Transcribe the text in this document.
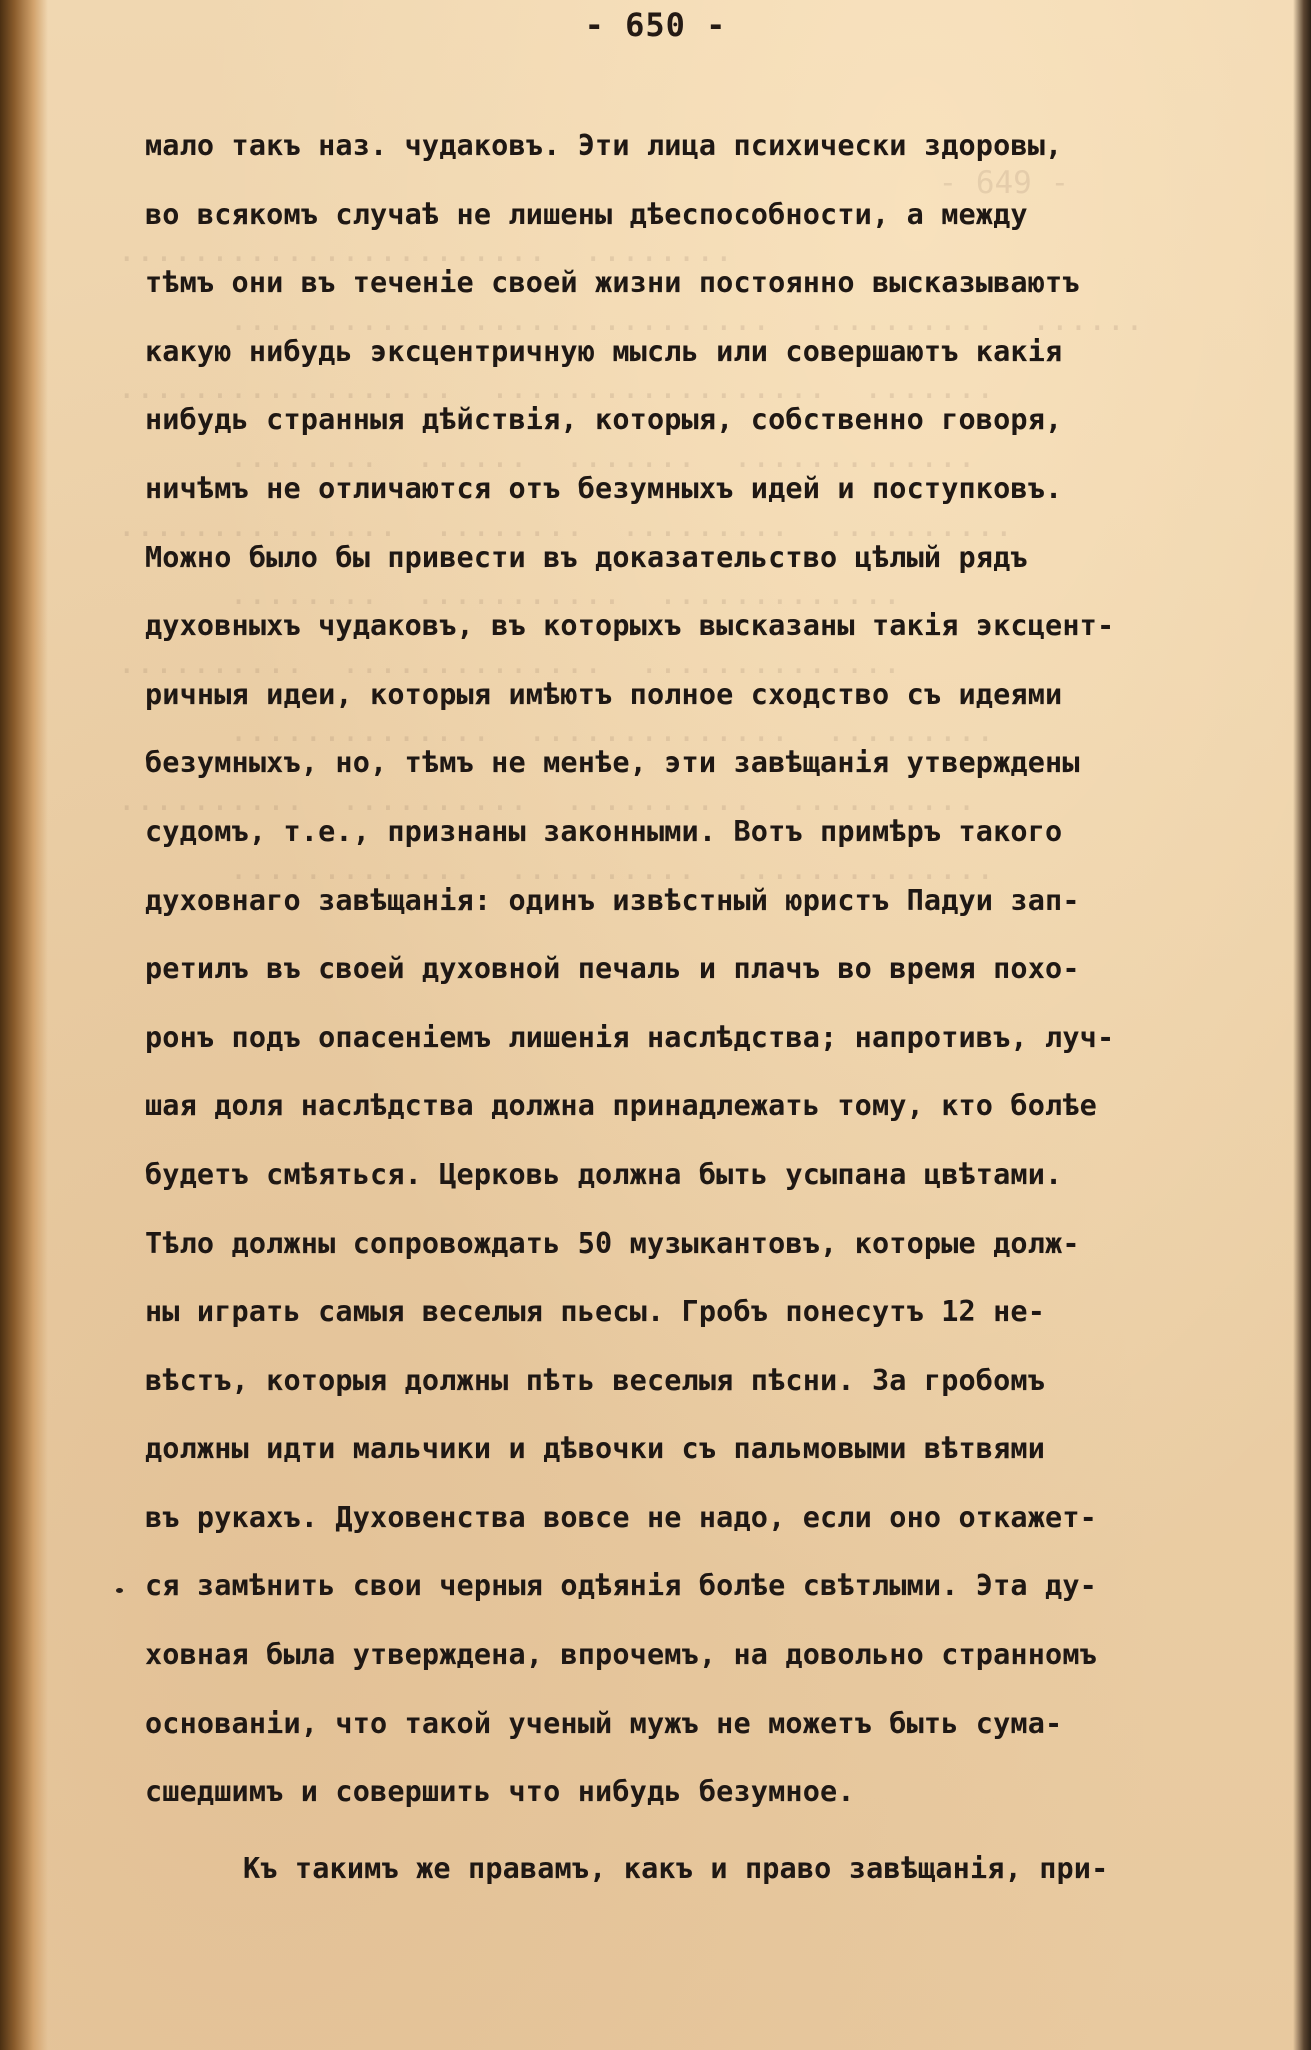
- 649 -
.......................  ........
.............................  ..........  ......
..................  ..................  .......
........  ......  .......  .............
...............  ........  .........  ..........
........  ...........  .............
..........  ..............  ..............
..............  ..............  .........
..........  ..........  ..........  ..........
.............  ..........  ..............

- 650 -
мало такъ наз. чудаковъ. Эти лица психически здоровы,
во всякомъ случаѣ не лишены дѣеспособности, а между
тѣмъ они въ теченіе своей жизни постоянно высказываютъ
какую нибудь эксцентричную мысль или совершаютъ какія
нибудь странныя дѣйствія, которыя, собственно говоря,
ничѣмъ не отличаются отъ безумныхъ идей и поступковъ.
Можно было бы привести въ доказательство цѣлый рядъ
духовныхъ чудаковъ, въ которыхъ высказаны такія эксцент-
ричныя идеи, которыя имѣютъ полное сходство съ идеями
безумныхъ, но, тѣмъ не менѣе, эти завѣщанія утверждены
судомъ, т.е., признаны законными. Вотъ примѣръ такого
духовнаго завѣщанія: одинъ извѣстный юристъ Падуи зап-
ретилъ въ своей духовной печаль и плачъ во время похо-
ронъ подъ опасеніемъ лишенія наслѣдства; напротивъ, луч-
шая доля наслѣдства должна принадлежать тому, кто болѣе
будетъ смѣяться. Церковь должна быть усыпана цвѣтами.
Тѣло должны сопровождать 50 музыкантовъ, которые долж-
ны играть самыя веселыя пьесы. Гробъ понесутъ 12 не-
вѣстъ, которыя должны пѣть веселыя пѣсни. За гробомъ
должны идти мальчики и дѣвочки съ пальмовыми вѣтвями
въ рукахъ. Духовенства вовсе не надо, если оно откажет-
ся замѣнить свои черныя одѣянія болѣе свѣтлыми. Эта ду-
ховная была утверждена, впрочемъ, на довольно странномъ
основаніи, что такой ученый мужъ не можетъ быть сума-
сшедшимъ и совершить что нибудь безумное.
Къ такимъ же правамъ, какъ и право завѣщанія, при-
